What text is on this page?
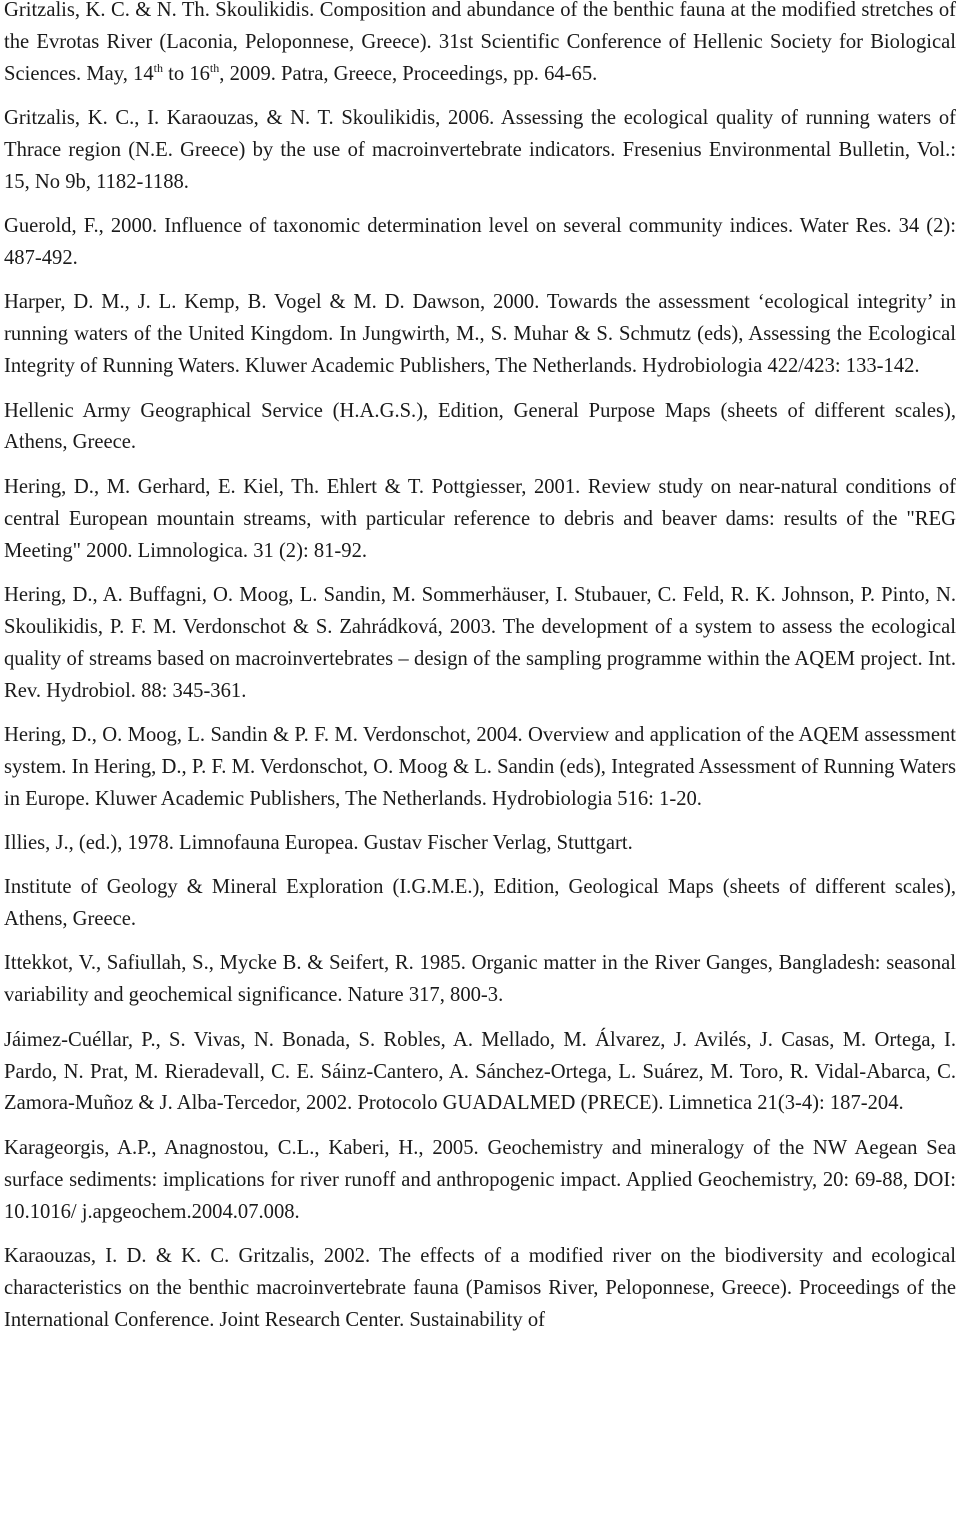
Gritzalis, K. C. & N. Th. Skoulikidis. Composition and abundance of the benthic fauna at the modified stretches of the Evrotas River (Laconia, Peloponnese, Greece). 31st Scientific Conference of Hellenic Society for Biological Sciences. May, 14th to 16th, 2009. Patra, Greece, Proceedings, pp. 64-65.

Gritzalis, K. C., I. Karaouzas, & N. T. Skoulikidis, 2006. Assessing the ecological quality of running waters of Thrace region (N.E. Greece) by the use of macroinvertebrate indicators. Fresenius Environmental Bulletin, Vol.: 15, No 9b, 1182-1188.

Guerold, F., 2000. Influence of taxonomic determination level on several community indices. Water Res. 34 (2): 487-492.

Harper, D. M., J. L. Kemp, B. Vogel & M. D. Dawson, 2000. Towards the assessment ‘ecological integrity’ in running waters of the United Kingdom. In Jungwirth, M., S. Muhar & S. Schmutz (eds), Assessing the Ecological Integrity of Running Waters. Kluwer Academic Publishers, The Netherlands. Hydrobiologia 422/423: 133-142.

Hellenic Army Geographical Service (H.A.G.S.), Edition, General Purpose Maps (sheets of different scales), Athens, Greece.

Hering, D., M. Gerhard, E. Kiel, Th. Ehlert & T. Pottgiesser, 2001. Review study on near-natural conditions of central European mountain streams, with particular reference to debris and beaver dams: results of the "REG Meeting" 2000. Limnologica. 31 (2): 81-92.

Hering, D., A. Buffagni, O. Moog, L. Sandin, M. Sommerhäuser, I. Stubauer, C. Feld, R. K. Johnson, P. Pinto, N. Skoulikidis, P. F. M. Verdonschot & S. Zahrádková, 2003. The development of a system to assess the ecological quality of streams based on macroinvertebrates – design of the sampling programme within the AQEM project. Int. Rev. Hydrobiol. 88: 345-361.

Hering, D., O. Moog, L. Sandin & P. F. M. Verdonschot, 2004. Overview and application of the AQEM assessment system. In Hering, D., P. F. M. Verdonschot, O. Moog & L. Sandin (eds), Integrated Assessment of Running Waters in Europe. Kluwer Academic Publishers, The Netherlands. Hydrobiologia 516: 1-20.

Illies, J., (ed.), 1978. Limnofauna Europea. Gustav Fischer Verlag, Stuttgart.

Institute of Geology & Mineral Exploration (I.G.M.E.), Edition, Geological Maps (sheets of different scales), Athens, Greece.

Ittekkot, V., Safiullah, S., Mycke B. & Seifert, R. 1985. Organic matter in the River Ganges, Bangladesh: seasonal variability and geochemical significance. Nature 317, 800-3.

Jáimez-Cuéllar, P., S. Vivas, N. Bonada, S. Robles, A. Mellado, M. Álvarez, J. Avilés, J. Casas, M. Ortega, I. Pardo, N. Prat, M. Rieradevall, C. E. Sáinz-Cantero, A. Sánchez-Ortega, L. Suárez, M. Toro, R. Vidal-Abarca, C. Zamora-Muñoz & J. Alba-Tercedor, 2002. Protocolo GUADALMED (PRECE). Limnetica 21(3-4): 187-204.

Karageorgis, A.P., Anagnostou, C.L., Kaberi, H., 2005. Geochemistry and mineralogy of the NW Aegean Sea surface sediments: implications for river runoff and anthropogenic impact. Applied Geochemistry, 20: 69-88, DOI: 10.1016/ j.apgeochem.2004.07.008.

Karaouzas, I. D. & K. C. Gritzalis, 2002. The effects of a modified river on the biodiversity and ecological characteristics on the benthic macroinvertebrate fauna (Pamisos River, Peloponnese, Greece). Proceedings of the International Conference. Joint Research Center. Sustainability of
